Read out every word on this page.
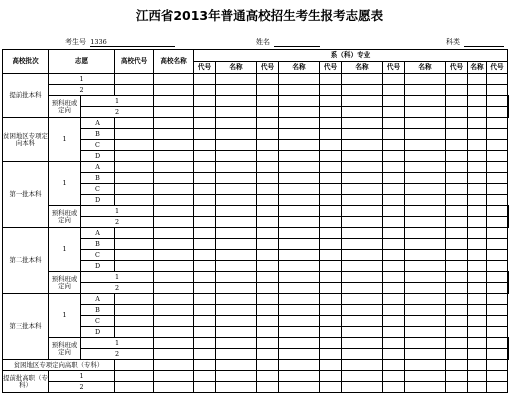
江西省2013年普通高校招生考生报考志愿表
考生号 1336	姓名	科类
高校批次	志愿		高校代号	高校名称	系（科）专业											
					代号	名称	代号	名称	代号	名称	代号	名称	代号	名称	代号	
提前批本科	1															
	2															
	预科班或定向	1														
		2														
贫困地区专项定向本科	1	A														
		B														
		C														
		D														
第一批本科	1	A														
		B														
		C														
		D														
	预科班或定向	1														
		2														
第二批本科	1	A														
		B														
		C														
		D														
	预科班或定向	1														
		2														
第三批本科	1	A														
		B														
		C														
		D														
	预科班或定向	1														
		2														
贫困地区专项定向高职（专科）																
提前批高职（专科）	1															
	2															
